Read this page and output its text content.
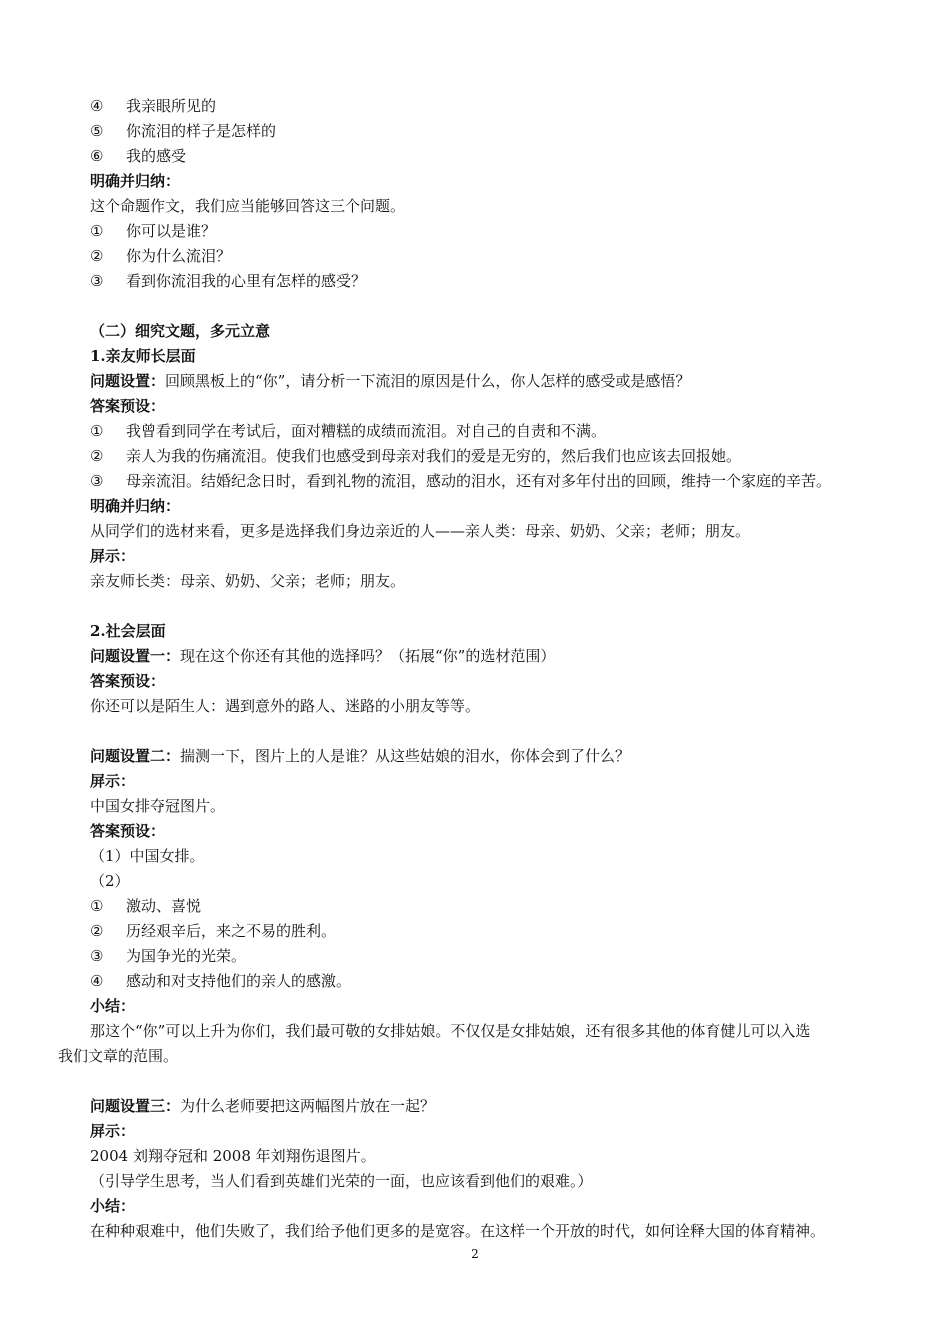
④ 我亲眼所见的
⑤ 你流泪的样子是怎样的
⑥ 我的感受
明确并归纳：
这个命题作文，我们应当能够回答这三个问题。
① 你可以是谁？
② 你为什么流泪？
③ 看到你流泪我的心里有怎样的感受？
（二）细究文题，多元立意
1.亲友师长层面
问题设置：回顾黑板上的“你”，请分析一下流泪的原因是什么，你人怎样的感受或是感悟？
答案预设：
① 我曾看到同学在考试后，面对糟糕的成绩而流泪。对自己的自责和不满。
② 亲人为我的伤痛流泪。使我们也感受到母亲对我们的爱是无穷的，然后我们也应该去回报她。
③ 母亲流泪。结婚纪念日时，看到礼物的流泪，感动的泪水，还有对多年付出的回顾，维持一个家庭的辛苦。
明确并归纳：
从同学们的选材来看，更多是选择我们身边亲近的人——亲人类：母亲、奶奶、父亲；老师；朋友。
屏示：
亲友师长类：母亲、奶奶、父亲；老师；朋友。
2.社会层面
问题设置一：现在这个你还有其他的选择吗？（拓展“你”的选材范围）
答案预设：
你还可以是陌生人：遇到意外的路人、迷路的小朋友等等。
问题设置二：揣测一下，图片上的人是谁？从这些姑娘的泪水，你体会到了什么？
屏示：
中国女排夺冠图片。
答案预设：
（1）中国女排。
（2）
① 激动、喜悦
② 历经艰辛后，来之不易的胜利。
③ 为国争光的光荣。
④ 感动和对支持他们的亲人的感激。
小结：
那这个“你”可以上升为你们，我们最可敬的女排姑娘。不仅仅是女排姑娘，还有很多其他的体育健儿可以入选
我们文章的范围。
问题设置三：为什么老师要把这两幅图片放在一起？
屏示：
2004 刘翔夺冠和 2008 年刘翔伤退图片。
（引导学生思考，当人们看到英雄们光荣的一面，也应该看到他们的艰难。）
小结：
在种种艰难中，他们失败了，我们给予他们更多的是宽容。在这样一个开放的时代，如何诠释大国的体育精神。
2
